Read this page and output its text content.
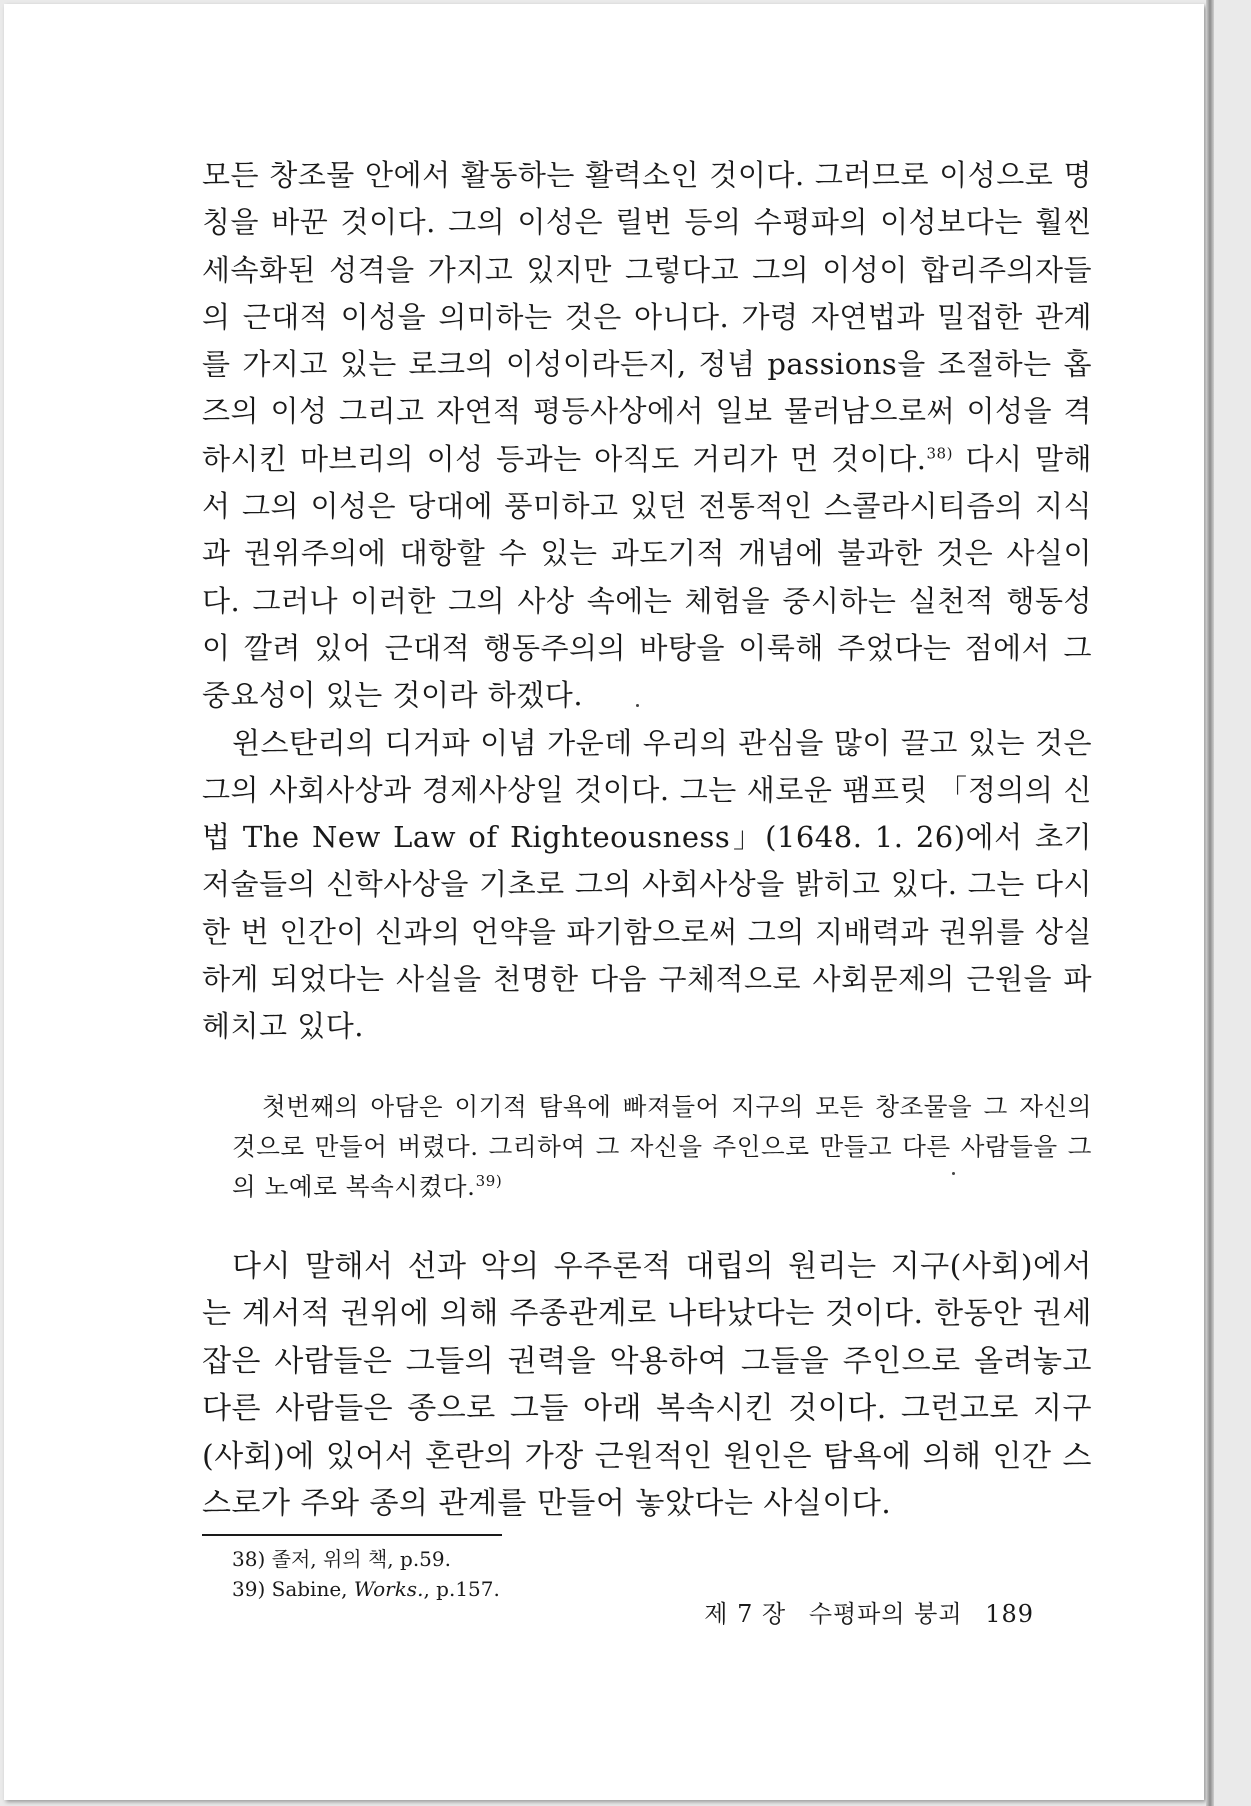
모든 창조물 안에서 활동하는 활력소인 것이다. 그러므로 이성으로 명칭을 바꾼 것이다. 그의 이성은 릴번 등의 수평파의 이성보다는 훨씬 세속화된 성격을 가지고 있지만 그렇다고 그의 이성이 합리주의자들의 근대적 이성을 의미하는 것은 아니다. 가령 자연법과 밀접한 관계를 가지고 있는 로크의 이성이라든지, 정념 passions을 조절하는 홉즈의 이성 그리고 자연적 평등사상에서 일보 물러남으로써 이성을 격하시킨 마브리의 이성 등과는 아직도 거리가 먼 것이다.$^{38)}$ 다시 말해서 그의 이성은 당대에 풍미하고 있던 전통적인 스콜라시티즘의 지식과 권위주의에 대항할 수 있는 과도기적 개념에 불과한 것은 사실이다. 그러나 이러한 그의 사상 속에는 체험을 중시하는 실천적 행동성이 깔려 있어 근대적 행동주의의 바탕을 이룩해 주었다는 점에서 그 중요성이 있는 것이라 하겠다.

윈스탄리의 디거파 이념 가운데 우리의 관심을 많이 끌고 있는 것은 그의 사회사상과 경제사상일 것이다. 그는 새로운 팸프릿 「정의의 신법 The New Law of Righteousness」(1648. 1. 26)에서 초기 저술들의 신학사상을 기초로 그의 사회사상을 밝히고 있다. 그는 다시 한 번 인간이 신과의 언약을 파기함으로써 그의 지배력과 권위를 상실하게 되었다는 사실을 천명한 다음 구체적으로 사회문제의 근원을 파헤치고 있다.

첫번째의 아담은 이기적 탐욕에 빠져들어 지구의 모든 창조물을 그 자신의 것으로 만들어 버렸다. 그리하여 그 자신을 주인으로 만들고 다른 사람들을 그의 노예로 복속시켰다.$^{39)}$

다시 말해서 선과 악의 우주론적 대립의 원리는 지구(사회)에서는 계서적 권위에 의해 주종관계로 나타났다는 것이다. 한동안 권세 잡은 사람들은 그들의 권력을 악용하여 그들을 주인으로 올려놓고 다른 사람들은 종으로 그들 아래 복속시킨 것이다. 그런고로 지구(사회)에 있어서 혼란의 가장 근원적인 원인은 탐욕에 의해 인간 스스로가 주와 종의 관계를 만들어 놓았다는 사실이다.

38) 졸저, 위의 책, p.59.
39) Sabine, Works., p.157.
제 7 장 수평파의 붕괴 189
